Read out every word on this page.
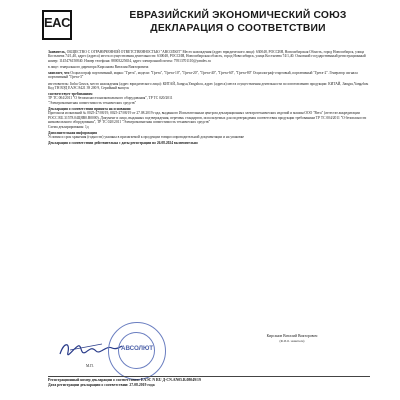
EAC	ЕВРАЗИЙСКИЙ ЭКОНОМИЧЕСКИЙ СОЮЗ
ДЕКЛАРАЦИЯ О СООТВЕТСТВИИ

Заявитель, ОБЩЕСТВО С ОГРАНИЧЕННОЙ ОТВЕТСТВЕННОСТЬЮ "АВСОЛЮТ" Место нахождения (адрес юридического лица): 630048, РОССИЯ, Новосибирская Область, город Новосибирск, улица Костычева 74/1,40, адрес (адреса) места осуществления деятельности: 630048, РОССИЯ, Новосибирская область, город Новосибирск, улица Костычева 74/1,40. Основной государственный регистрационный номер: 1145476150840. Номер телефона: 88003225654, адрес электронной почты: 79513701110@yandex.ru

в лице: генерального директора Кирсанова Виталия Викторовича

заявляет, что Осциллограф портативный, марка: "Грета", модели: "Грета", "Грета-10", "Грета-20", "Грета-40", "Грета-60", "Грета-80" Осциллограф-стартовый, портативный "Грета-2". Генератор сигнала портативный "Грета-3"

изготовитель: Jinhu Gruwa, место нахождения (адрес юридического лица): КИТАЙ, Jiangsu,Yangzhou, адрес (адреса) места осуществления деятельности по изготовлению продукции: КИТАЙ, Jiangsu,Yangzhou

Код ТН ВЭД ЕАЭС 8421 39 200 9, Серийный выпуск

соответствует требованиям

ТР ТС 004/2011 "О безопасности низковольтного оборудования", ТР ТС 020/2011

"Электромагнитная совместимость технических средств"

Декларация о соответствии принята на основании

Протокола испытаний № 0025-27/08/19, 0025-27/08/19 от 27.08.2019 года, выданного Испытательным центром декларационных электротехнических изделий и машин ООО "Вега" (аттестат аккредитации РОСС RU.31578.04ЦЯВ0.В0000). Документ и лицо, выданных подтверждения, перечень стандартов, используемых для подтверждения соответствия продукции требованиям ТР ТС 004/2011 "О безопасности низковольтного оборудования", ТР ТС 020/2011 "Электромагнитная совместимость технических средств"

Схема декларирования: 1д

Дополнительная информация

Условия и срок хранения (годности) указаны в прилагаемой к продукции товаросопроводительной документации и на упаковке

Декларация о соответствии действительна с даты регистрации по 26.08.2024 включительно

АВСОЛЮТ
Кирсанов Виталий Викторович
(Ф.И.О. заявителя)
М.П.
Регистрационный номер декларации о соответствии: ЕАЭС N RU Д-CN.AN05.В.08049/19
Дата регистрации декларации о соответствии: 27.08.2019 года
